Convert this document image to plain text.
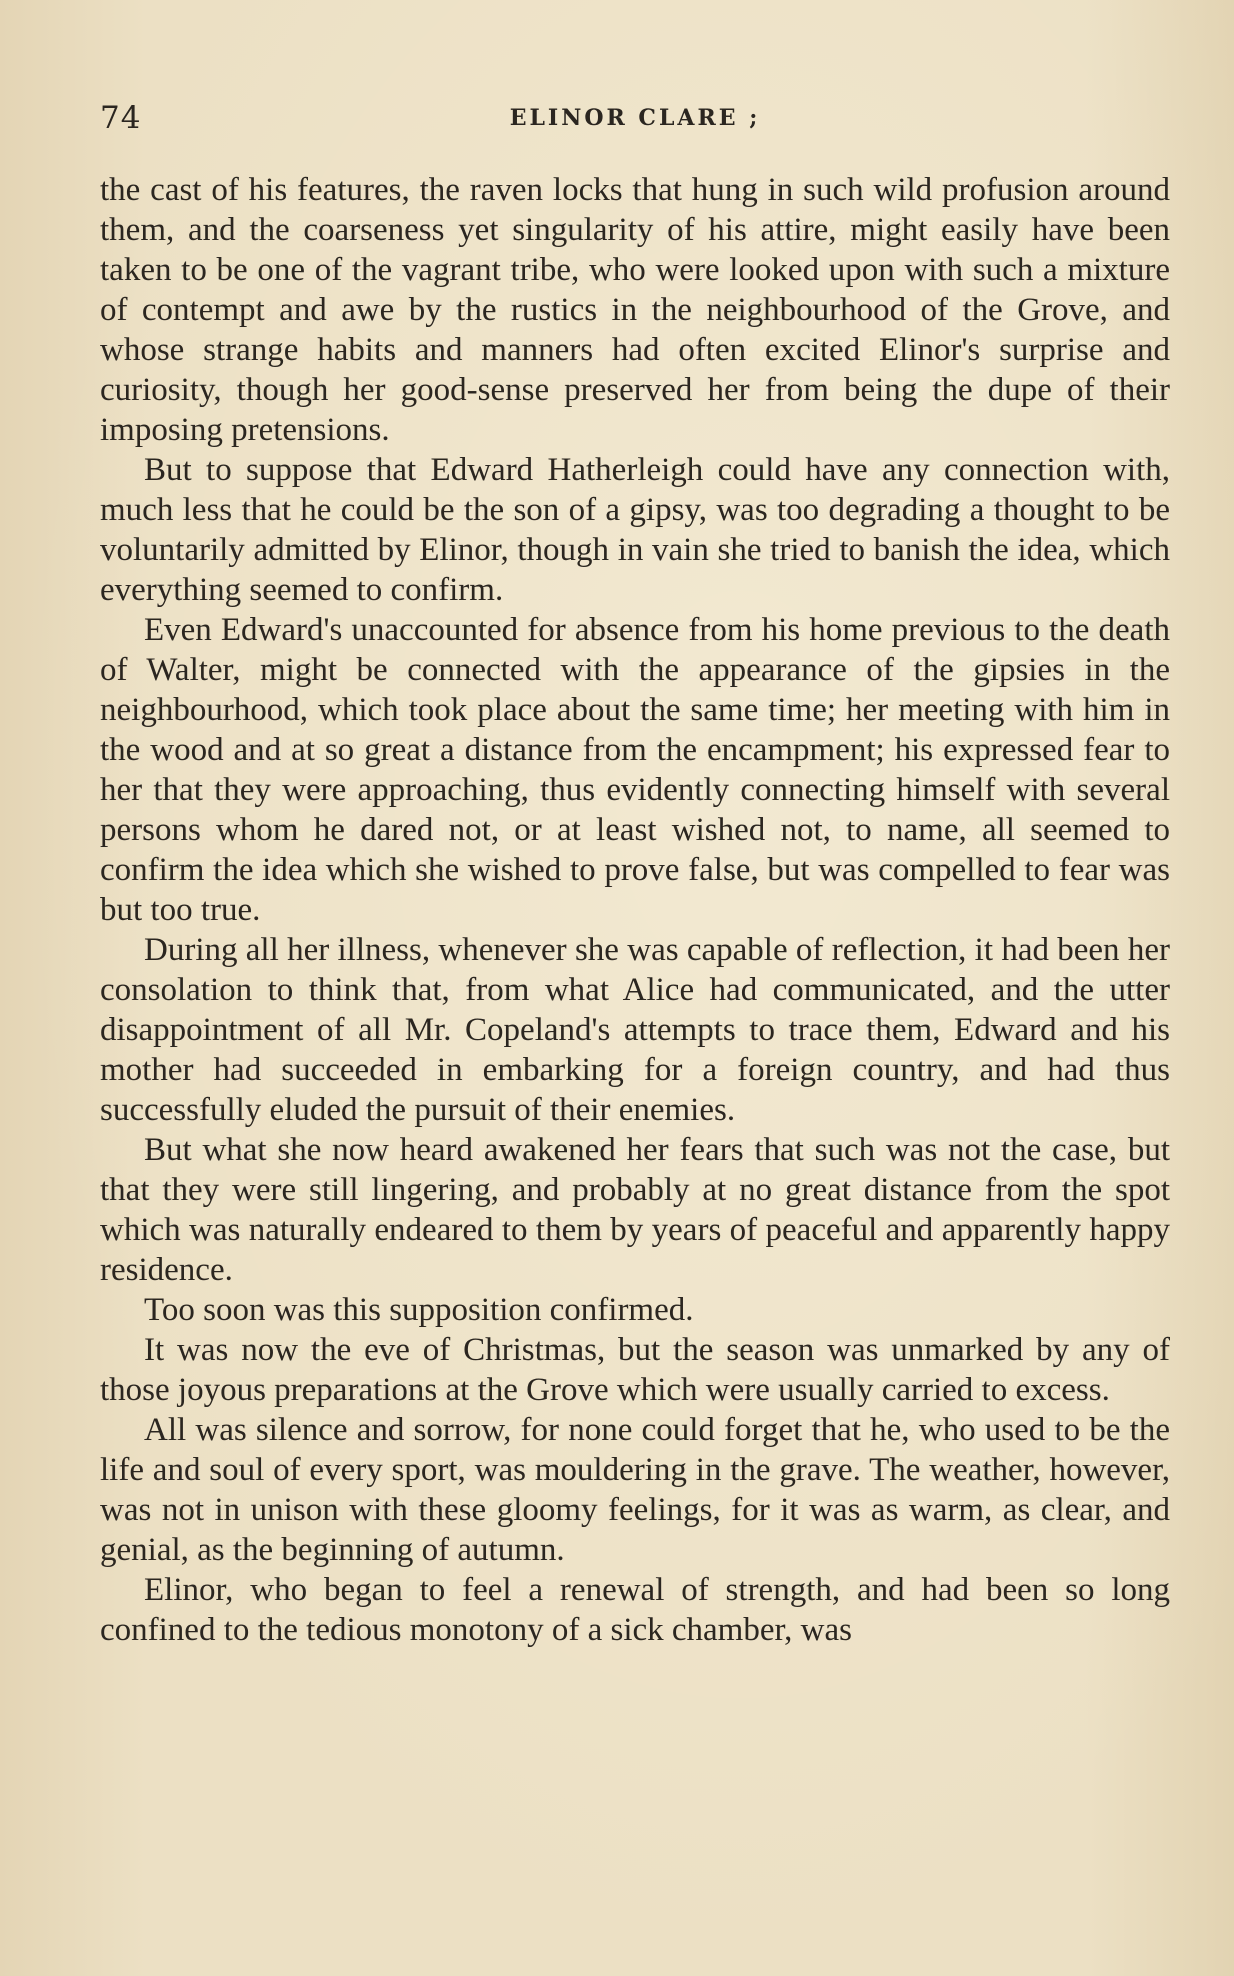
74	ELINOR CLARE ;

the cast of his features, the raven locks that hung in such wild profusion around them, and the coarseness yet singularity of his attire, might easily have been taken to be one of the vagrant tribe, who were looked upon with such a mixture of contempt and awe by the rustics in the neighbourhood of the Grove, and whose strange habits and manners had often excited Elinor's surprise and curiosity, though her good-sense preserved her from being the dupe of their imposing pretensions.

But to suppose that Edward Hatherleigh could have any connection with, much less that he could be the son of a gipsy, was too degrading a thought to be voluntarily admitted by Elinor, though in vain she tried to banish the idea, which everything seemed to confirm.

Even Edward's unaccounted for absence from his home previous to the death of Walter, might be connected with the appearance of the gipsies in the neighbourhood, which took place about the same time; her meeting with him in the wood and at so great a distance from the encampment; his expressed fear to her that they were approaching, thus evidently connecting himself with several persons whom he dared not, or at least wished not, to name, all seemed to confirm the idea which she wished to prove false, but was compelled to fear was but too true.

During all her illness, whenever she was capable of reflection, it had been her consolation to think that, from what Alice had communicated, and the utter disappointment of all Mr. Copeland's attempts to trace them, Edward and his mother had succeeded in embarking for a foreign country, and had thus successfully eluded the pursuit of their enemies.

But what she now heard awakened her fears that such was not the case, but that they were still lingering, and probably at no great distance from the spot which was naturally endeared to them by years of peaceful and apparently happy residence.

Too soon was this supposition confirmed.

It was now the eve of Christmas, but the season was unmarked by any of those joyous preparations at the Grove which were usually carried to excess.

All was silence and sorrow, for none could forget that he, who used to be the life and soul of every sport, was mouldering in the grave. The weather, however, was not in unison with these gloomy feelings, for it was as warm, as clear, and genial, as the beginning of autumn.

Elinor, who began to feel a renewal of strength, and had been so long confined to the tedious monotony of a sick chamber, was
